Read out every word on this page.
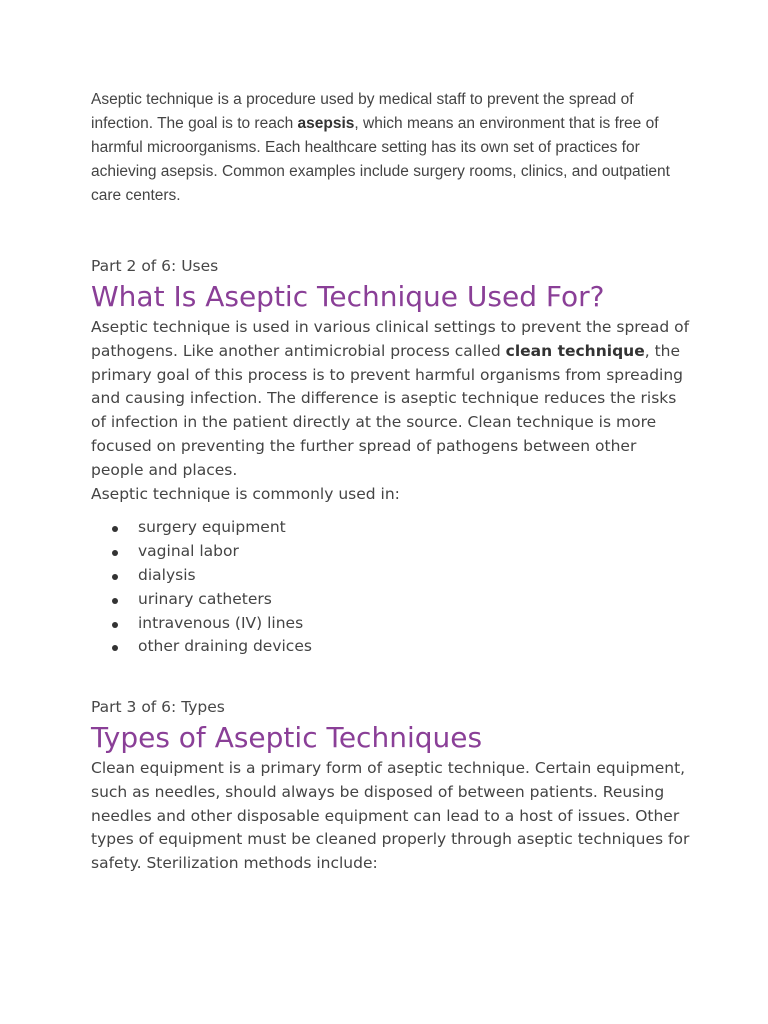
Aseptic technique is a procedure used by medical staff to prevent the spread of infection. The goal is to reach asepsis, which means an environment that is free of harmful microorganisms. Each healthcare setting has its own set of practices for achieving asepsis. Common examples include surgery rooms, clinics, and outpatient care centers.

Part 2 of 6: Uses

What Is Aseptic Technique Used For?

Aseptic technique is used in various clinical settings to prevent the spread of pathogens. Like another antimicrobial process called clean technique, the primary goal of this process is to prevent harmful organisms from spreading and causing infection. The difference is aseptic technique reduces the risks of infection in the patient directly at the source. Clean technique is more focused on preventing the further spread of pathogens between other people and places.

Aseptic technique is commonly used in:

surgery equipment
vaginal labor
dialysis
urinary catheters
intravenous (IV) lines
other draining devices

Part 3 of 6: Types

Types of Aseptic Techniques

Clean equipment is a primary form of aseptic technique. Certain equipment, such as needles, should always be disposed of between patients. Reusing needles and other disposable equipment can lead to a host of issues. Other types of equipment must be cleaned properly through aseptic techniques for safety. Sterilization methods include:
